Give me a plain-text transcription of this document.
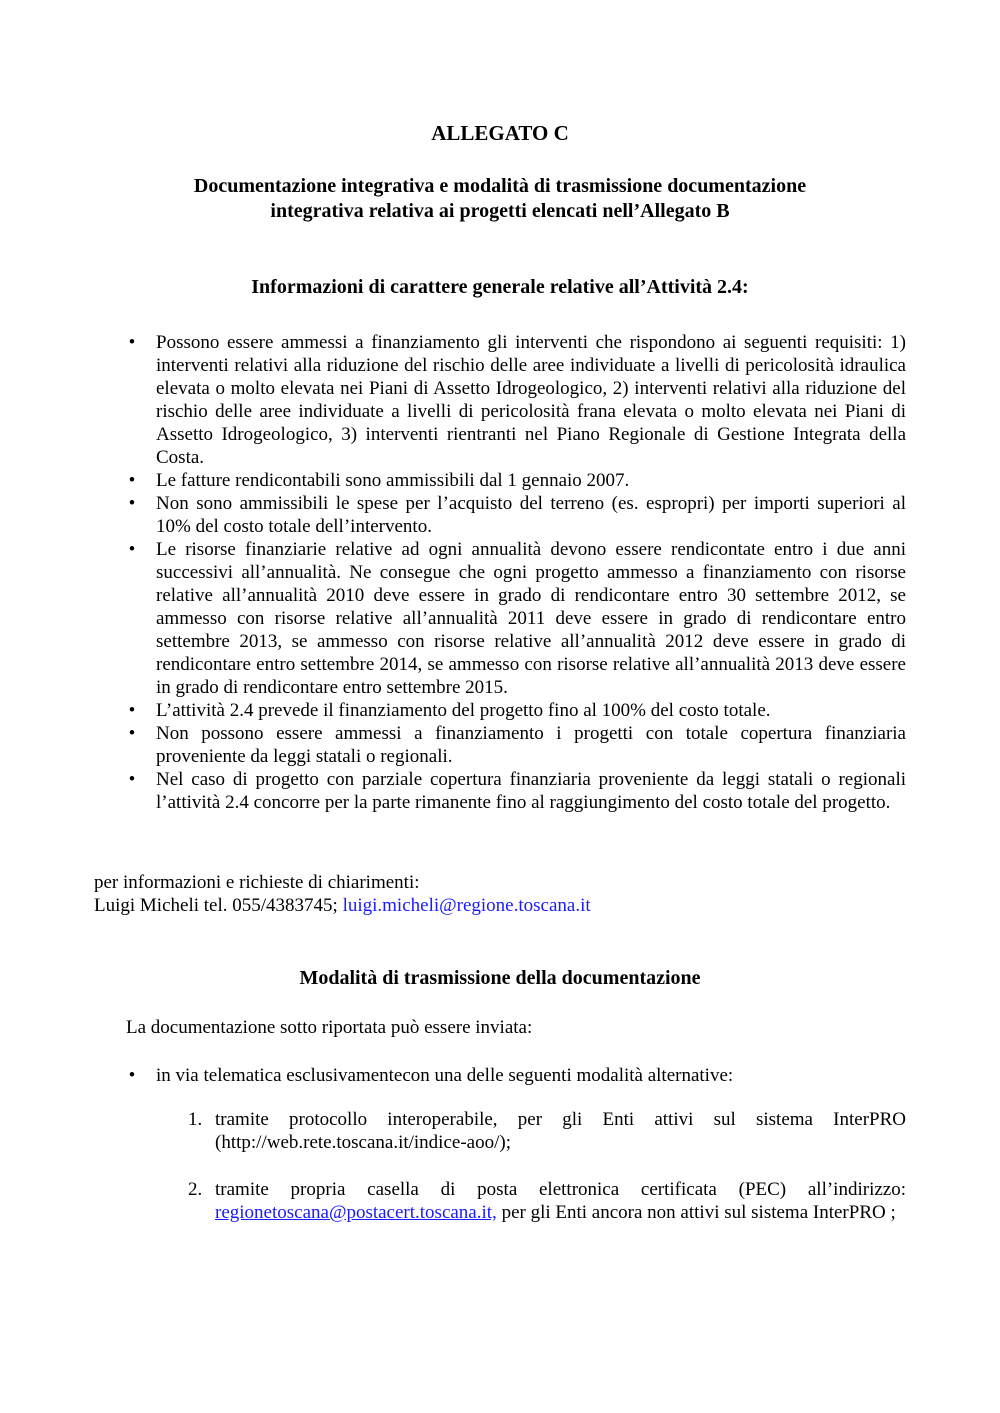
ALLEGATO C
Documentazione integrativa e modalità di trasmissione documentazione
integrativa relativa ai progetti elencati nell’Allegato B
Informazioni di carattere generale relative all’Attività 2.4:
• Possono essere ammessi a finanziamento gli interventi che rispondono ai seguenti requisiti: 1) interventi relativi alla riduzione del rischio delle aree individuate a livelli di pericolosità idraulica elevata o molto elevata nei Piani di Assetto Idrogeologico, 2) interventi relativi alla riduzione del rischio delle aree individuate a livelli di pericolosità frana elevata o molto elevata nei Piani di Assetto Idrogeologico, 3) interventi rientranti nel Piano Regionale di Gestione Integrata della Costa.
• Le fatture rendicontabili sono ammissibili dal 1 gennaio 2007.
• Non sono ammissibili le spese per l’acquisto del terreno (es. espropri) per importi superiori al 10% del costo totale dell’intervento.
• Le risorse finanziarie relative ad ogni annualità devono essere rendicontate entro i due anni successivi all’annualità. Ne consegue che ogni progetto ammesso a finanziamento con risorse relative all’annualità 2010 deve essere in grado di rendicontare entro 30 settembre 2012, se ammesso con risorse relative all’annualità 2011 deve essere in grado di rendicontare entro settembre 2013, se ammesso con risorse relative all’annualità 2012 deve essere in grado di rendicontare entro settembre 2014, se ammesso con risorse relative all’annualità 2013 deve essere in grado di rendicontare entro settembre 2015.
• L’attività 2.4 prevede il finanziamento del progetto fino al 100% del costo totale.
• Non possono essere ammessi a finanziamento i progetti con totale copertura finanziaria proveniente da leggi statali o regionali.
• Nel caso di progetto con parziale copertura finanziaria proveniente da leggi statali o regionali l’attività 2.4 concorre per la parte rimanente fino al raggiungimento del costo totale del progetto.

per informazioni e richieste di chiarimenti:

Luigi Micheli tel. 055/4383745; luigi.micheli@regione.toscana.it

Modalità di trasmissione della documentazione

La documentazione sotto riportata può essere inviata:

•	in via telematica esclusivamentecon una delle seguenti modalità alternative:
1. tramite protocollo interoperabile, per gli Enti attivi sul sistema InterPRO (http://web.rete.toscana.it/indice-aoo/);
2. tramite propria casella di posta elettronica certificata (PEC) all’indirizzo: regionetoscana@postacert.toscana.it, per gli Enti ancora non attivi sul sistema InterPRO ;
